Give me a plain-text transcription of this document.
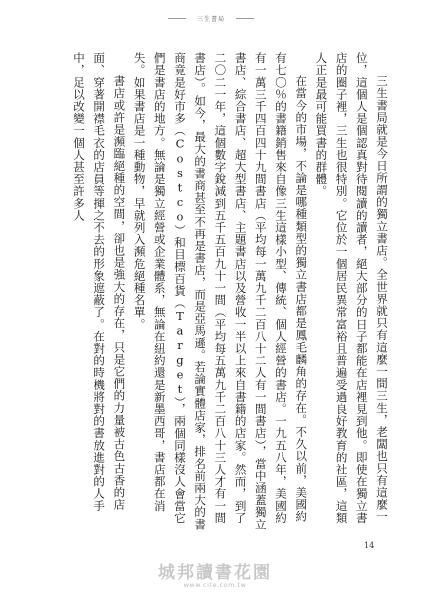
三生書局

三生書局就是今日所謂的獨立書店。全世界就只有這麼一間三生，老闆也只有這麼一位，這個人是個認真對待閱讀的讀者，絕大部分的日子都能在店裡見到他。即使在獨立書店的圈子裡，三生也很特別。它位於一個居民異常富裕且普遍受過良好教育的社區，這類人正是最可能買書的群體。

在當今的市場，不論是哪種類型的獨立書店都是鳳毛麟角的存在。不久以前，美國約有七〇％的書籍銷售來自像三生這樣小型、傳統、個人經營的書店。一九五八年，美國約有一萬三千四百四十九間書店（平均每一萬九千二百八十二人有一間書店），當中涵蓋獨立書店、綜合書店、超大型書店、主題書店以及營收一半以上來自書籍的店家。然而，到了二〇二一年，這個數字銳減到五千五百九十一間（平均每五萬九千二百八十三人才有一間書店）。如今，最大的書商甚至不再是書店，而是亞馬遜。若論實體店家，排名前兩大的書商竟是好市多（Costco）和目標百貨（Target），兩個同樣沒人會當它們是書店的地方。無論是獨立經營或企業體系，無論在紐約還是新墨西哥，書店都在消失。如果書店是一種動物，早就列入瀕危絕種名單。

書店或許是瀕臨絕種的空間，卻也是強大的存在，只是它們的力量被古色古香的店面、穿著開襟毛衣的店員等揮之不去的形象遮蔽了。在對的時機將對的書放進對的人手中，足以改變一個人甚至許多人

14
城邦讀書花園
www.cite.com.tw
